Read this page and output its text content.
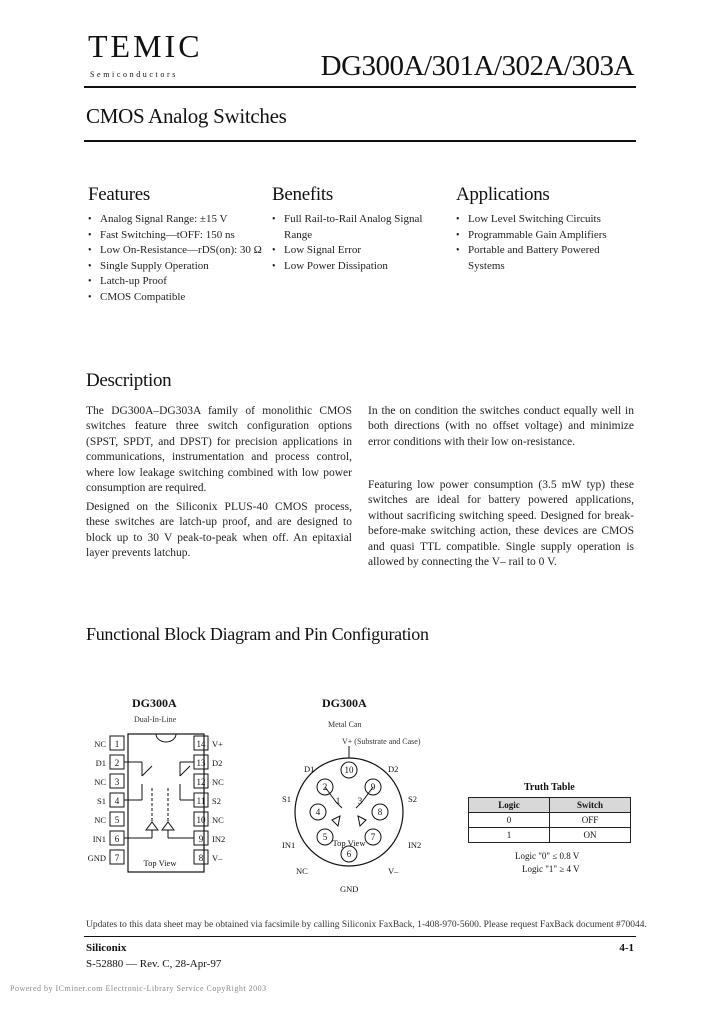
TEMIC
Semiconductors	DG300A/301A/302A/303A
CMOS Analog Switches
Features
• Analog Signal Range: ±15 V
• Fast Switching—tOFF: 150 ns
• Low On-Resistance—rDS(on): 30 Ω
• Single Supply Operation
• Latch-up Proof
• CMOS Compatible
Benefits
• Full Rail-to-Rail Analog Signal Range
• Low Signal Error
• Low Power Dissipation
Applications
• Low Level Switching Circuits
• Programmable Gain Amplifiers
• Portable and Battery Powered Systems
Description

The DG300A–DG303A family of monolithic CMOS switches feature three switch configuration options (SPST, SPDT, and DPST) for precision applications in communications, instrumentation and process control, where low leakage switching combined with low power consumption are required.

Designed on the Siliconix PLUS-40 CMOS process, these switches are latch-up proof, and are designed to block up to 30 V peak-to-peak when off. An epitaxial layer prevents latchup.

In the on condition the switches conduct equally well in both directions (with no offset voltage) and minimize error conditions with their low on-resistance.

Featuring low power consumption (3.5 mW typ) these switches are ideal for battery powered applications, without sacrificing switching speed. Designed for break-before-make switching action, these devices are CMOS and quasi TTL compatible. Single supply operation is allowed by connecting the V– rail to 0 V.

Functional Block Diagram and Pin Configuration
DG300A
Dual-In-Line
1
2
3
4
5
6
7
14
13
12
11
10
9
8
NC
D1
NC
S1
NC
IN1
GND
V+
D2
NC
S2
NC
IN2
V–
Top View
DG300A
Metal Can
V+ (Substrate and Case)
10
9
8
7
6
5
4
2
1 3
D1	D2
S1	S2
IN1	IN2
NC	V–
GND
Top View
Truth Table
Logic	Switch
0	OFF
1	ON
Logic "0" ≤ 0.8 V
Logic "1" ≥ 4 V
Updates to this data sheet may be obtained via facsimile by calling Siliconix FaxBack, 1-408-970-5600. Please request FaxBack document #70044.
Siliconix
S-52880 — Rev. C, 28-Apr-97
4-1
Powered by ICminer.com Electronic-Library Service CopyRight 2003
